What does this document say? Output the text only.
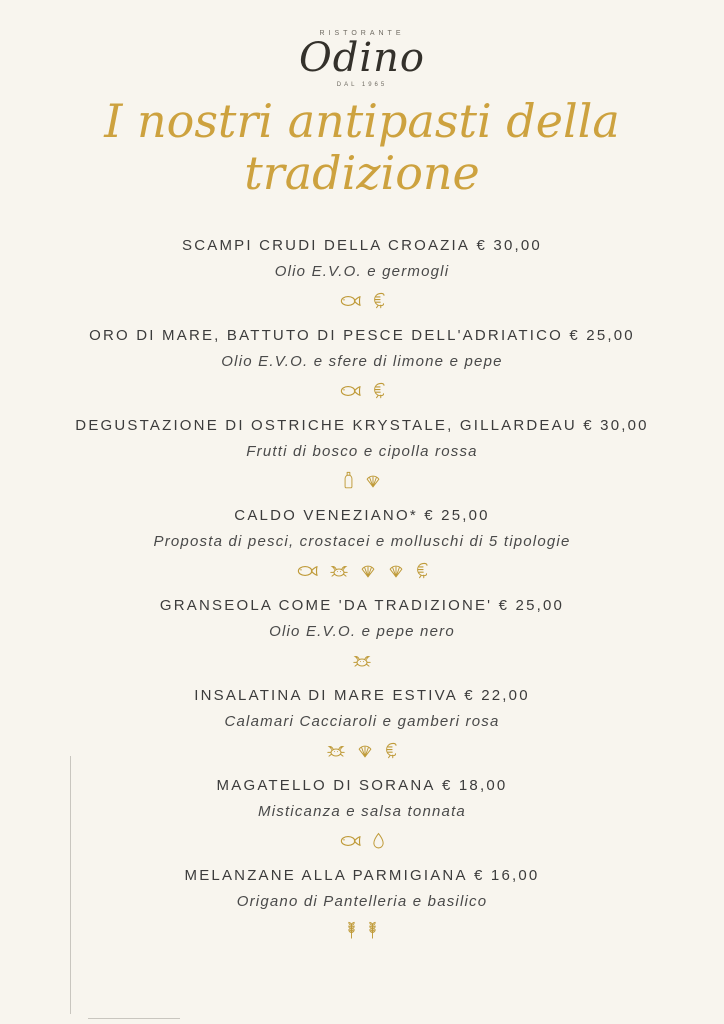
RISTORANTE
Odino
DAL 1965
I nostri antipasti della tradizione
SCAMPI CRUDI DELLA CROAZIA € 30,00
Olio E.V.O. e germogli
ORO DI MARE, BATTUTO DI PESCE DELL'ADRIATICO € 25,00
Olio E.V.O. e sfere di limone e pepe
DEGUSTAZIONE DI OSTRICHE KRYSTALE, GILLARDEAU € 30,00
Frutti di bosco e cipolla rossa
CALDO VENEZIANO* € 25,00
Proposta di pesci, crostacei e molluschi di 5 tipologie
GRANSEOLA COME 'DA TRADIZIONE' € 25,00
Olio E.V.O. e pepe nero
INSALATINA DI MARE ESTIVA € 22,00
Calamari Cacciaroli e gamberi rosa
MAGATELLO DI SORANA € 18,00
Misticanza e salsa tonnata
MELANZANE ALLA PARMIGIANA € 16,00
Origano di Pantelleria e basilico
